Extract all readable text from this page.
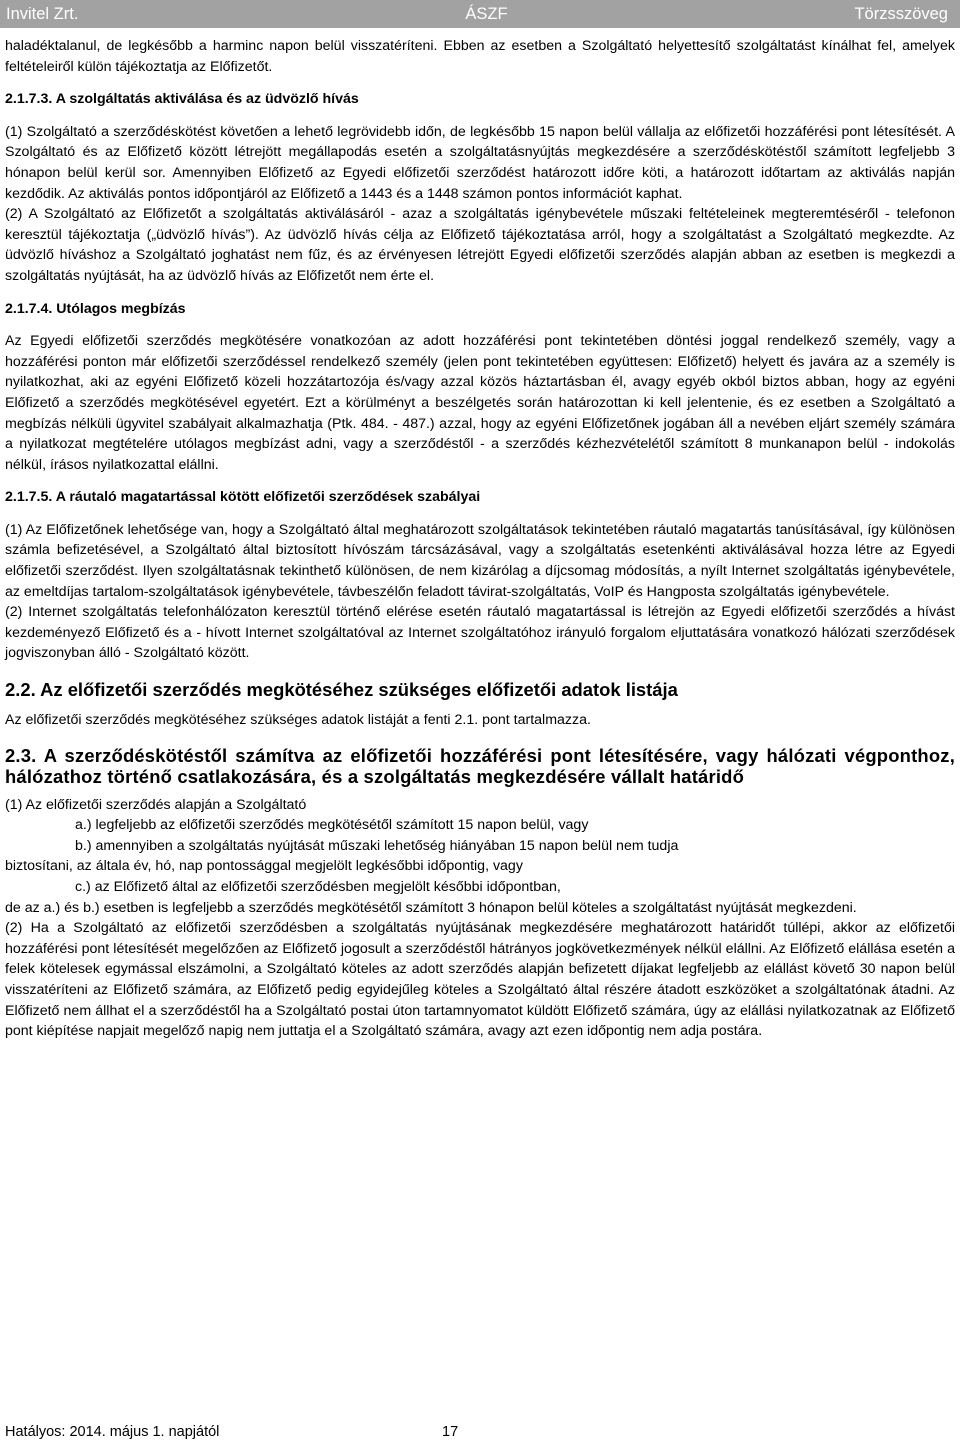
Invitel Zrt.	ÁSZF	Törzsszöveg

haladéktalanul, de legkésőbb a harminc napon belül visszatéríteni. Ebben az esetben a Szolgáltató helyettesítő szolgáltatást kínálhat fel, amelyek feltételeiről külön tájékoztatja az Előfizetőt.

2.1.7.3. A szolgáltatás aktiválása és az üdvözlő hívás

(1) Szolgáltató a szerződéskötést követően a lehető legrövidebb időn, de legkésőbb 15 napon belül vállalja az előfizetői hozzáférési pont létesítését. A Szolgáltató és az Előfizető között létrejött megállapodás esetén a szolgáltatásnyújtás megkezdésére a szerződéskötéstől számított legfeljebb 3 hónapon belül kerül sor. Amennyiben Előfizető az Egyedi előfizetői szerződést határozott időre köti, a határozott időtartam az aktiválás napján kezdődik. Az aktiválás pontos időpontjáról az Előfizető a 1443 és a 1448 számon pontos információt kaphat.

(2) A Szolgáltató az Előfizetőt a szolgáltatás aktiválásáról - azaz a szolgáltatás igénybevétele műszaki feltételeinek megteremtéséről - telefonon keresztül tájékoztatja („üdvözlő hívás”). Az üdvözlő hívás célja az Előfizető tájékoztatása arról, hogy a szolgáltatást a Szolgáltató megkezdte. Az üdvözlő híváshoz a Szolgáltató joghatást nem fűz, és az érvényesen létrejött Egyedi előfizetői szerződés alapján abban az esetben is megkezdi a szolgáltatás nyújtását, ha az üdvözlő hívás az Előfizetőt nem érte el.

2.1.7.4. Utólagos megbízás

Az Egyedi előfizetői szerződés megkötésére vonatkozóan az adott hozzáférési pont tekintetében döntési joggal rendelkező személy, vagy a hozzáférési ponton már előfizetői szerződéssel rendelkező személy (jelen pont tekintetében együttesen: Előfizető) helyett és javára az a személy is nyilatkozhat, aki az egyéni Előfizető közeli hozzátartozója és/vagy azzal közös háztartásban él, avagy egyéb okból biztos abban, hogy az egyéni Előfizető a szerződés megkötésével egyetért. Ezt a körülményt a beszélgetés során határozottan ki kell jelentenie, és ez esetben a Szolgáltató a megbízás nélküli ügyvitel szabályait alkalmazhatja (Ptk. 484. - 487.) azzal, hogy az egyéni Előfizetőnek jogában áll a nevében eljárt személy számára a nyilatkozat megtételére utólagos megbízást adni, vagy a szerződéstől - a szerződés kézhezvételétől számított 8 munkanapon belül - indokolás nélkül, írásos nyilatkozattal elállni.

2.1.7.5. A ráutaló magatartással kötött előfizetői szerződések szabályai

(1) Az Előfizetőnek lehetősége van, hogy a Szolgáltató által meghatározott szolgáltatások tekintetében ráutaló magatartás tanúsításával, így különösen számla befizetésével, a Szolgáltató által biztosított hívószám tárcsázásával, vagy a szolgáltatás esetenkénti aktiválásával hozza létre az Egyedi előfizetői szerződést. Ilyen szolgáltatásnak tekinthető különösen, de nem kizárólag a díjcsomag módosítás, a nyílt Internet szolgáltatás igénybevétele, az emeltdíjas tartalom-szolgáltatások igénybevétele, távbeszélőn feladott távirat-szolgáltatás, VoIP és Hangposta szolgáltatás igénybevétele.

(2) Internet szolgáltatás telefonhálózaton keresztül történő elérése esetén ráutaló magatartással is létrejön az Egyedi előfizetői szerződés a hívást kezdeményező Előfizető és a - hívott Internet szolgáltatóval az Internet szolgáltatóhoz irányuló forgalom eljuttatására vonatkozó hálózati szerződések jogviszonyban álló - Szolgáltató között.

2.2. Az előfizetői szerződés megkötéséhez szükséges előfizetői adatok listája

Az előfizetői szerződés megkötéséhez szükséges adatok listáját a fenti 2.1. pont tartalmazza.

2.3. A szerződéskötéstől számítva az előfizetői hozzáférési pont létesítésére, vagy hálózati végponthoz, hálózathoz történő csatlakozására, és a szolgáltatás megkezdésére vállalt határidő

(1) Az előfizetői szerződés alapján a Szolgáltató

a.) legfeljebb az előfizetői szerződés megkötésétől számított 15 napon belül, vagy

b.) amennyiben a szolgáltatás nyújtását műszaki lehetőség hiányában 15 napon belül nem tudja

biztosítani, az általa év, hó, nap pontossággal megjelölt legkésőbbi időpontig, vagy

c.) az Előfizető által az előfizetői szerződésben megjelölt későbbi időpontban,

de az a.) és b.) esetben is legfeljebb a szerződés megkötésétől számított 3 hónapon belül köteles a szolgáltatást nyújtását megkezdeni.

(2) Ha a Szolgáltató az előfizetői szerződésben a szolgáltatás nyújtásának megkezdésére meghatározott határidőt túllépi, akkor az előfizetői hozzáférési pont létesítését megelőzően az Előfizető jogosult a szerződéstől hátrányos jogkövetkezmények nélkül elállni. Az Előfizető elállása esetén a felek kötelesek egymással elszámolni, a Szolgáltató köteles az adott szerződés alapján befizetett díjakat legfeljebb az elállást követő 30 napon belül visszatéríteni az Előfizető számára, az Előfizető pedig egyidejűleg köteles a Szolgáltató által részére átadott eszközöket a szolgáltatónak átadni. Az Előfizető nem állhat el a szerződéstől ha a Szolgáltató postai úton tartamnyomatot küldött Előfizető számára, úgy az elállási nyilatkozatnak az Előfizető pont kiépítése napjait megelőző napig nem juttatja el a Szolgáltató számára, avagy azt ezen időpontig nem adja postára.

Hatályos: 2014. május 1. napjától	17
